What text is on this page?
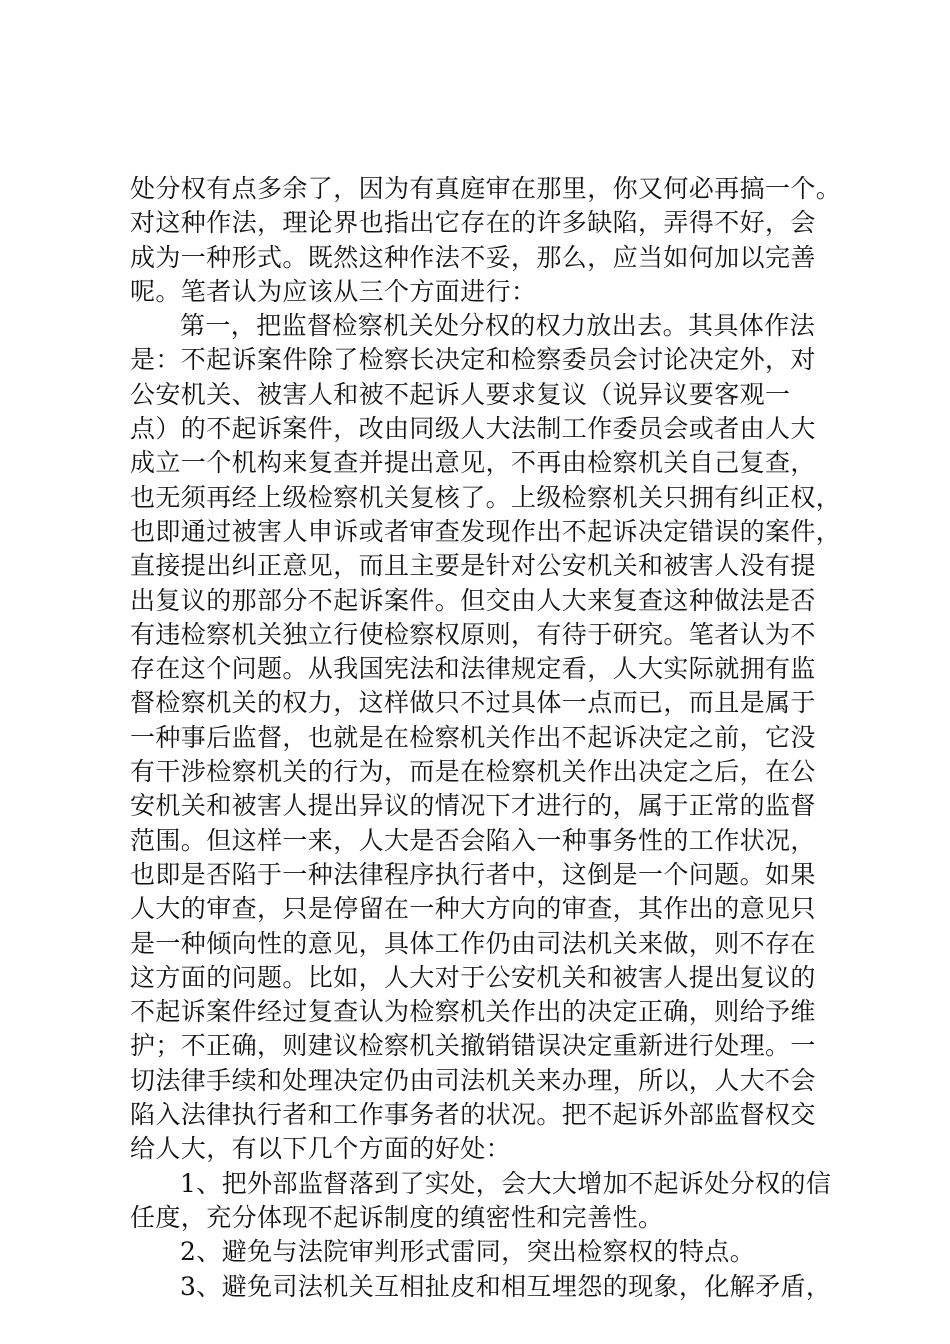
处分权有点多余了，因为有真庭审在那里，你又何必再搞一个。
对这种作法，理论界也指出它存在的许多缺陷，弄得不好，会
成为一种形式。既然这种作法不妥，那么，应当如何加以完善
呢。笔者认为应该从三个方面进行：
第一，把监督检察机关处分权的权力放出去。其具体作法
是：不起诉案件除了检察长决定和检察委员会讨论决定外，对
公安机关、被害人和被不起诉人要求复议（说异议要客观一
点）的不起诉案件，改由同级人大法制工作委员会或者由人大
成立一个机构来复查并提出意见，不再由检察机关自己复查，
也无须再经上级检察机关复核了。上级检察机关只拥有纠正权，
也即通过被害人申诉或者审查发现作出不起诉决定错误的案件，
直接提出纠正意见，而且主要是针对公安机关和被害人没有提
出复议的那部分不起诉案件。但交由人大来复查这种做法是否
有违检察机关独立行使检察权原则，有待于研究。笔者认为不
存在这个问题。从我国宪法和法律规定看，人大实际就拥有监
督检察机关的权力，这样做只不过具体一点而已，而且是属于
一种事后监督，也就是在检察机关作出不起诉决定之前，它没
有干涉检察机关的行为，而是在检察机关作出决定之后，在公
安机关和被害人提出异议的情况下才进行的，属于正常的监督
范围。但这样一来，人大是否会陷入一种事务性的工作状况，
也即是否陷于一种法律程序执行者中，这倒是一个问题。如果
人大的审查，只是停留在一种大方向的审查，其作出的意见只
是一种倾向性的意见，具体工作仍由司法机关来做，则不存在
这方面的问题。比如，人大对于公安机关和被害人提出复议的
不起诉案件经过复查认为检察机关作出的决定正确，则给予维
护；不正确，则建议检察机关撤销错误决定重新进行处理。一
切法律手续和处理决定仍由司法机关来办理，所以，人大不会
陷入法律执行者和工作事务者的状况。把不起诉外部监督权交
给人大，有以下几个方面的好处：
1、把外部监督落到了实处，会大大增加不起诉处分权的信
任度，充分体现不起诉制度的缜密性和完善性。
2、避免与法院审判形式雷同，突出检察权的特点。
3、避免司法机关互相扯皮和相互埋怨的现象，化解矛盾，
